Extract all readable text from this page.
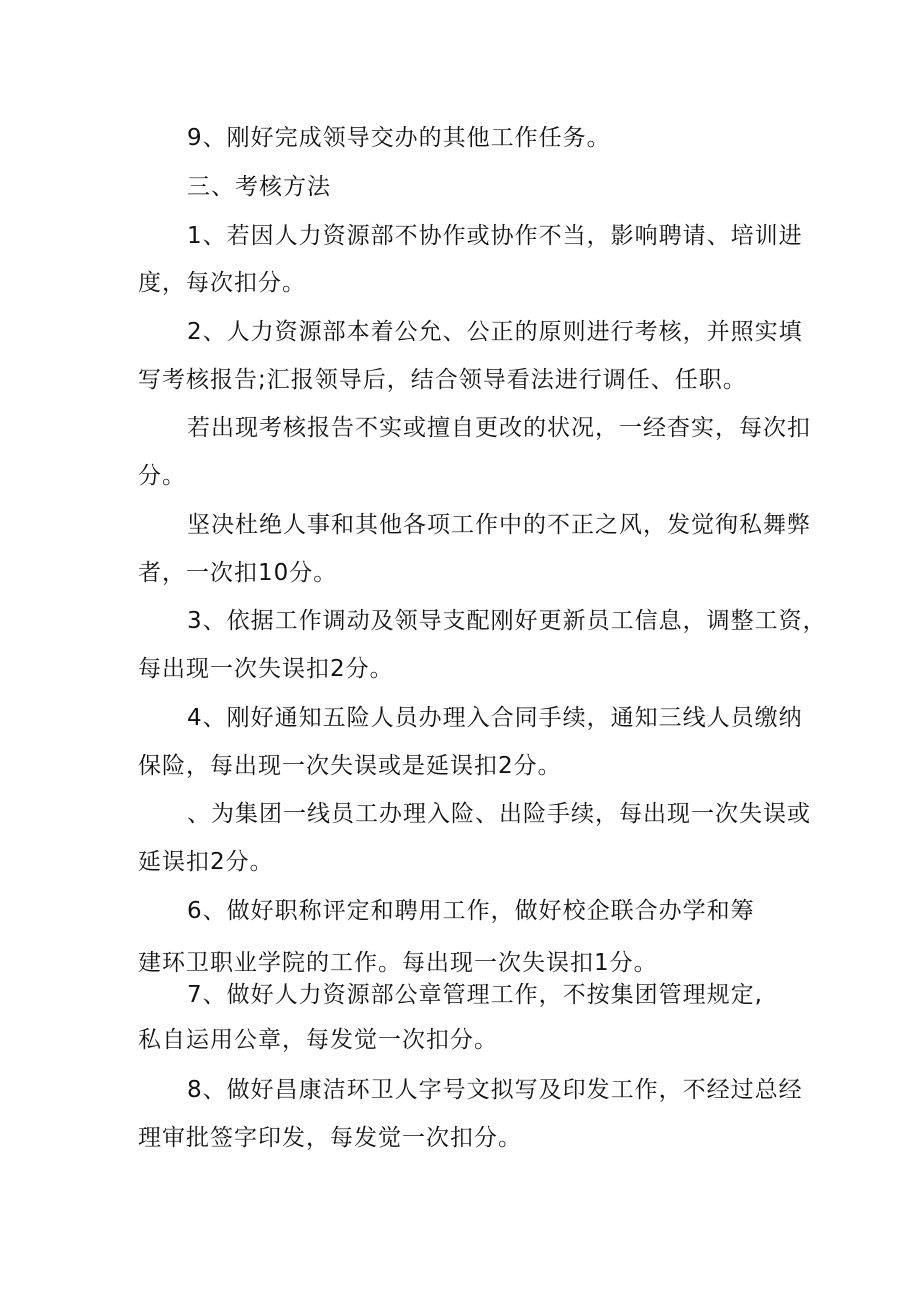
9、刚好完成领导交办的其他工作任务。
三、考核方法
1、若因人力资源部不协作或协作不当，影响聘请、培训进
度，每次扣分。
2、人力资源部本着公允、公正的原则进行考核，并照实填
写考核报告;汇报领导后，结合领导看法进行调任、任职。
若出现考核报告不实或擅自更改的状况，一经杳实，每次扣
分。
坚决杜绝人事和其他各项工作中的不正之风，发觉徇私舞弊
者，一次扣10分。
3、依据工作调动及领导支配刚好更新员工信息，调整工资，
每出现一次失误扣2分。
4、刚好通知五险人员办理入合同手续，通知三线人员缴纳
保险，每出现一次失误或是延误扣2分。
、为集团一线员工办理入险、出险手续，每出现一次失误或
延误扣2分。
6、做好职称评定和聘用工作，做好校企联合办学和筹
建环卫职业学院的工作。每出现一次失误扣1分。
7、做好人力资源部公章管理工作，不按集团管理规定,
私自运用公章，每发觉一次扣分。
8、做好昌康洁环卫人字号文拟写及印发工作，不经过总经
理审批签字印发，每发觉一次扣分。
